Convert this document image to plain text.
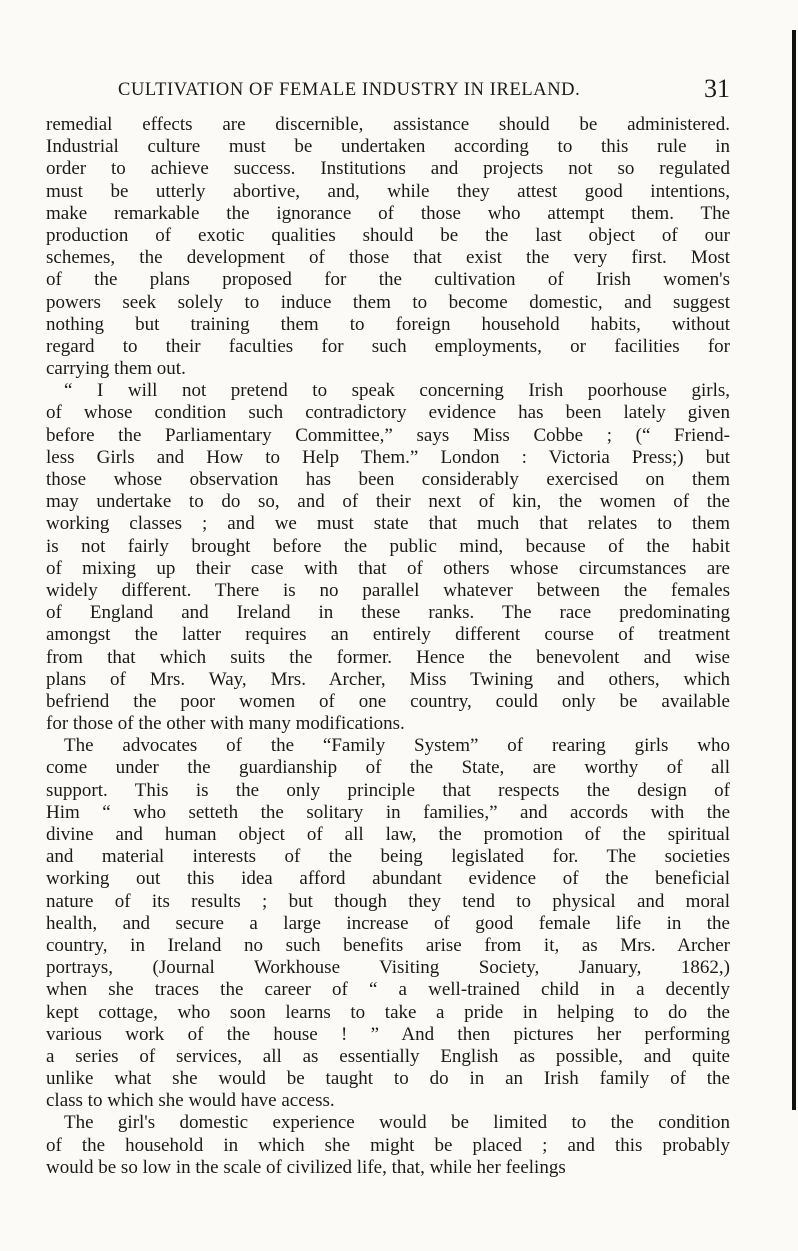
CULTIVATION OF FEMALE INDUSTRY IN IRELAND.	31

remedial effects are discernible, assistance should be administered.
Industrial culture must be undertaken according to this rule in
order to achieve success. Institutions and projects not so regulated
must be utterly abortive, and, while they attest good intentions,
make remarkable the ignorance of those who attempt them. The
production of exotic qualities should be the last object of our
schemes, the development of those that exist the very first. Most
of the plans proposed for the cultivation of Irish women's
powers seek solely to induce them to become domestic, and suggest
nothing but training them to foreign household habits, without
regard to their faculties for such employments, or facilities for
carrying them out.

“ I will not pretend to speak concerning Irish poorhouse girls,
of whose condition such contradictory evidence has been lately given
before the Parliamentary Committee,” says Miss Cobbe ; (“ Friend-
less Girls and How to Help Them.” London : Victoria Press;) but
those whose observation has been considerably exercised on them
may undertake to do so, and of their next of kin, the women of the
working classes ; and we must state that much that relates to them
is not fairly brought before the public mind, because of the habit
of mixing up their case with that of others whose circumstances are
widely different. There is no parallel whatever between the females
of England and Ireland in these ranks. The race predominating
amongst the latter requires an entirely different course of treatment
from that which suits the former. Hence the benevolent and wise
plans of Mrs. Way, Mrs. Archer, Miss Twining and others, which
befriend the poor women of one country, could only be available
for those of the other with many modifications.

The advocates of the “Family System” of rearing girls who
come under the guardianship of the State, are worthy of all
support. This is the only principle that respects the design of
Him “ who setteth the solitary in families,” and accords with the
divine and human object of all law, the promotion of the spiritual
and material interests of the being legislated for. The societies
working out this idea afford abundant evidence of the beneficial
nature of its results ; but though they tend to physical and moral
health, and secure a large increase of good female life in the
country, in Ireland no such benefits arise from it, as Mrs. Archer
portrays, (Journal Workhouse Visiting Society, January, 1862,)
when she traces the career of “ a well-trained child in a decently
kept cottage, who soon learns to take a pride in helping to do the
various work of the house ! ” And then pictures her performing
a series of services, all as essentially English as possible, and quite
unlike what she would be taught to do in an Irish family of the
class to which she would have access.

The girl's domestic experience would be limited to the condition
of the household in which she might be placed ; and this probably
would be so low in the scale of civilized life, that, while her feelings
